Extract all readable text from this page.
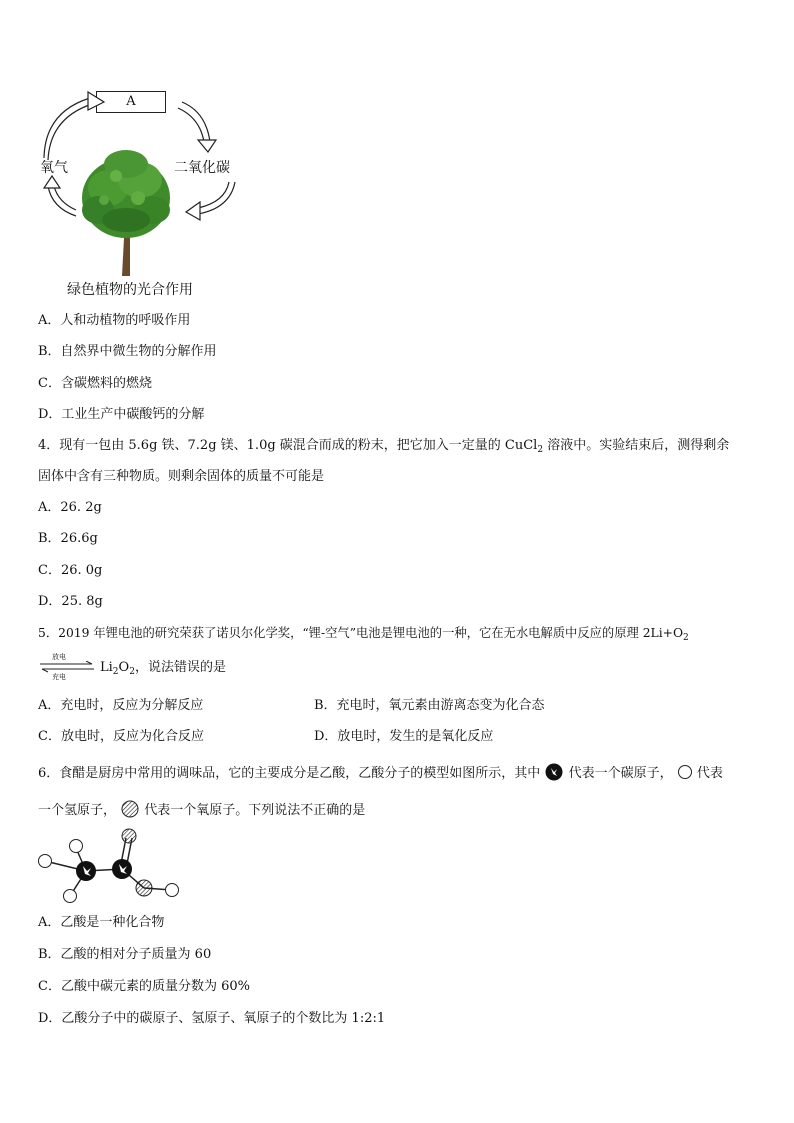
A
氧气	二氧化碳
绿色植物的光合作用
A．人和动植物的呼吸作用
B．自然界中微生物的分解作用
C．含碳燃料的燃烧
D．工业生产中碳酸钙的分解
4．现有一包由 5.6g 铁、7.2g 镁、1.0g 碳混合而成的粉末，把它加入一定量的 CuCl$_2$ 溶液中。实验结束后，测得剩余
固体中含有三种物质。则剩余固体的质量不可能是
A．26. 2g
B．26.6g
C．26. 0g
D．25. 8g
5．2019 年锂电池的研究荣获了诺贝尔化学奖，“锂-空气”电池是锂电池的一种，它在无水电解质中反应的原理 $2Li+O_2$
放电
充电
$Li_2O_2$，说法错误的是
A．充电时，反应为分解反应	B．充电时，氧元素由游离态变为化合态
C．放电时，反应为化合反应	D．放电时，发生的是氧化反应
6．食醋是厨房中常用的调味品，它的主要成分是乙酸，乙酸分子的模型如图所示，其中 代表一个碳原子， 代表
一个氢原子， 代表一个氧原子。下列说法不正确的是
A．乙酸是一种化合物
B．乙酸的相对分子质量为 60
C．乙酸中碳元素的质量分数为 60%
D．乙酸分子中的碳原子、氢原子、氧原子的个数比为 1:2:1
